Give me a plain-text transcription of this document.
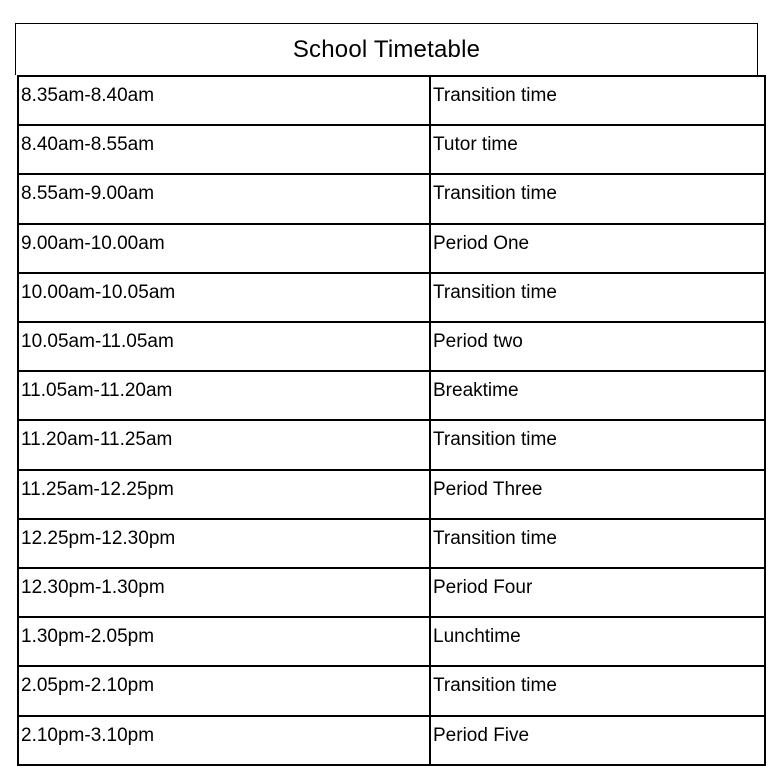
School Timetable
8.35am-8.40am	Transition time

8.40am-8.55am	Tutor time

8.55am-9.00am	Transition time

9.00am-10.00am	Period One

10.00am-10.05am	Transition time

10.05am-11.05am	Period two

11.05am-11.20am	Breaktime

11.20am-11.25am	Transition time

11.25am-12.25pm	Period Three

12.25pm-12.30pm	Transition time

12.30pm-1.30pm	Period Four

1.30pm-2.05pm	Lunchtime

2.05pm-2.10pm	Transition time

2.10pm-3.10pm	Period Five
